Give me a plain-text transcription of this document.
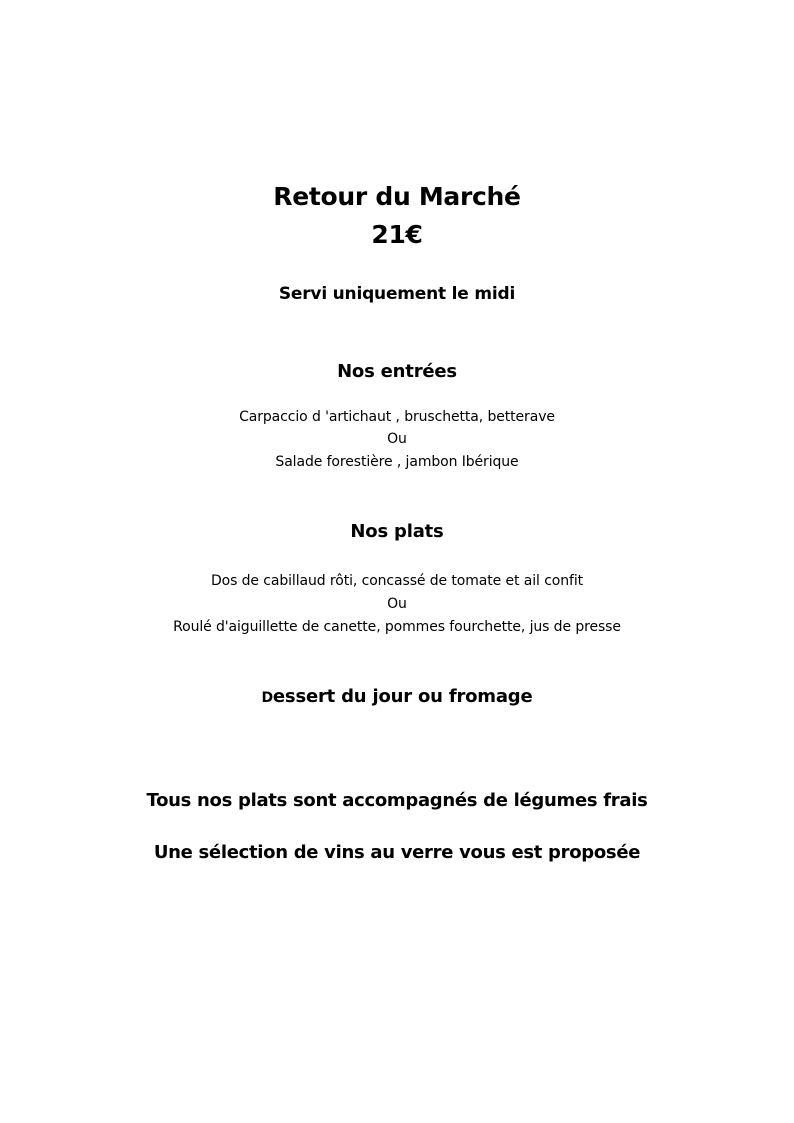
Retour du Marché
21€
Servi uniquement le midi
Nos entrées
Carpaccio d 'artichaut , bruschetta, betterave
Ou
Salade forestière , jambon Ibérique
Nos plats
Dos de cabillaud rôti, concassé de tomate et ail confit
Ou
Roulé d'aiguillette de canette, pommes fourchette, jus de presse
Dessert du jour ou fromage
Tous nos plats sont accompagnés de légumes frais
Une sélection de vins au verre vous est proposée
